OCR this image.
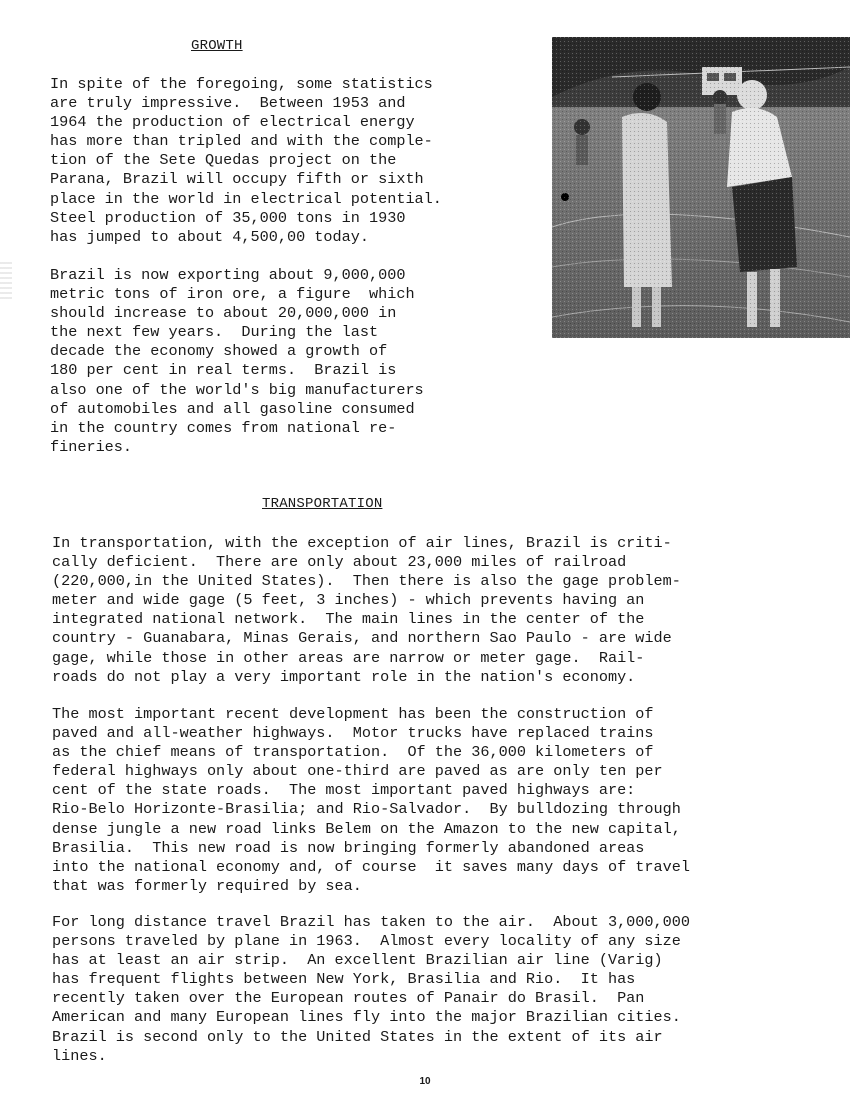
GROWTH

In spite of the foregoing, some statistics
are truly impressive.  Between 1953 and
1964 the production of electrical energy
has more than tripled and with the comple-
tion of the Sete Quedas project on the
Parana, Brazil will occupy fifth or sixth
place in the world in electrical potential.
Steel production of 35,000 tons in 1930
has jumped to about 4,500,00 today.

Brazil is now exporting about 9,000,000
metric tons of iron ore, a figure  which
should increase to about 20,000,000 in
the next few years.  During the last
decade the economy showed a growth of
180 per cent in real terms.  Brazil is
also one of the world's big manufacturers
of automobiles and all gasoline consumed
in the country comes from national re-
fineries.

TRANSPORTATION

In transportation, with the exception of air lines, Brazil is criti-
cally deficient.  There are only about 23,000 miles of railroad
(220,000,in the United States).  Then there is also the gage problem-
meter and wide gage (5 feet, 3 inches) - which prevents having an
integrated national network.  The main lines in the center of the
country - Guanabara, Minas Gerais, and northern Sao Paulo - are wide
gage, while those in other areas are narrow or meter gage.  Rail-
roads do not play a very important role in the nation's economy.

The most important recent development has been the construction of
paved and all-weather highways.  Motor trucks have replaced trains
as the chief means of transportation.  Of the 36,000 kilometers of
federal highways only about one-third are paved as are only ten per
cent of the state roads.  The most important paved highways are:
Rio-Belo Horizonte-Brasilia; and Rio-Salvador.  By bulldozing through
dense jungle a new road links Belem on the Amazon to the new capital,
Brasilia.  This new road is now bringing formerly abandoned areas
into the national economy and, of course  it saves many days of travel
that was formerly required by sea.

For long distance travel Brazil has taken to the air.  About 3,000,000
persons traveled by plane in 1963.  Almost every locality of any size
has at least an air strip.  An excellent Brazilian air line (Varig)
has frequent flights between New York, Brasilia and Rio.  It has
recently taken over the European routes of Panair do Brasil.  Pan
American and many European lines fly into the major Brazilian cities.
Brazil is second only to the United States in the extent of its air
lines.

10
